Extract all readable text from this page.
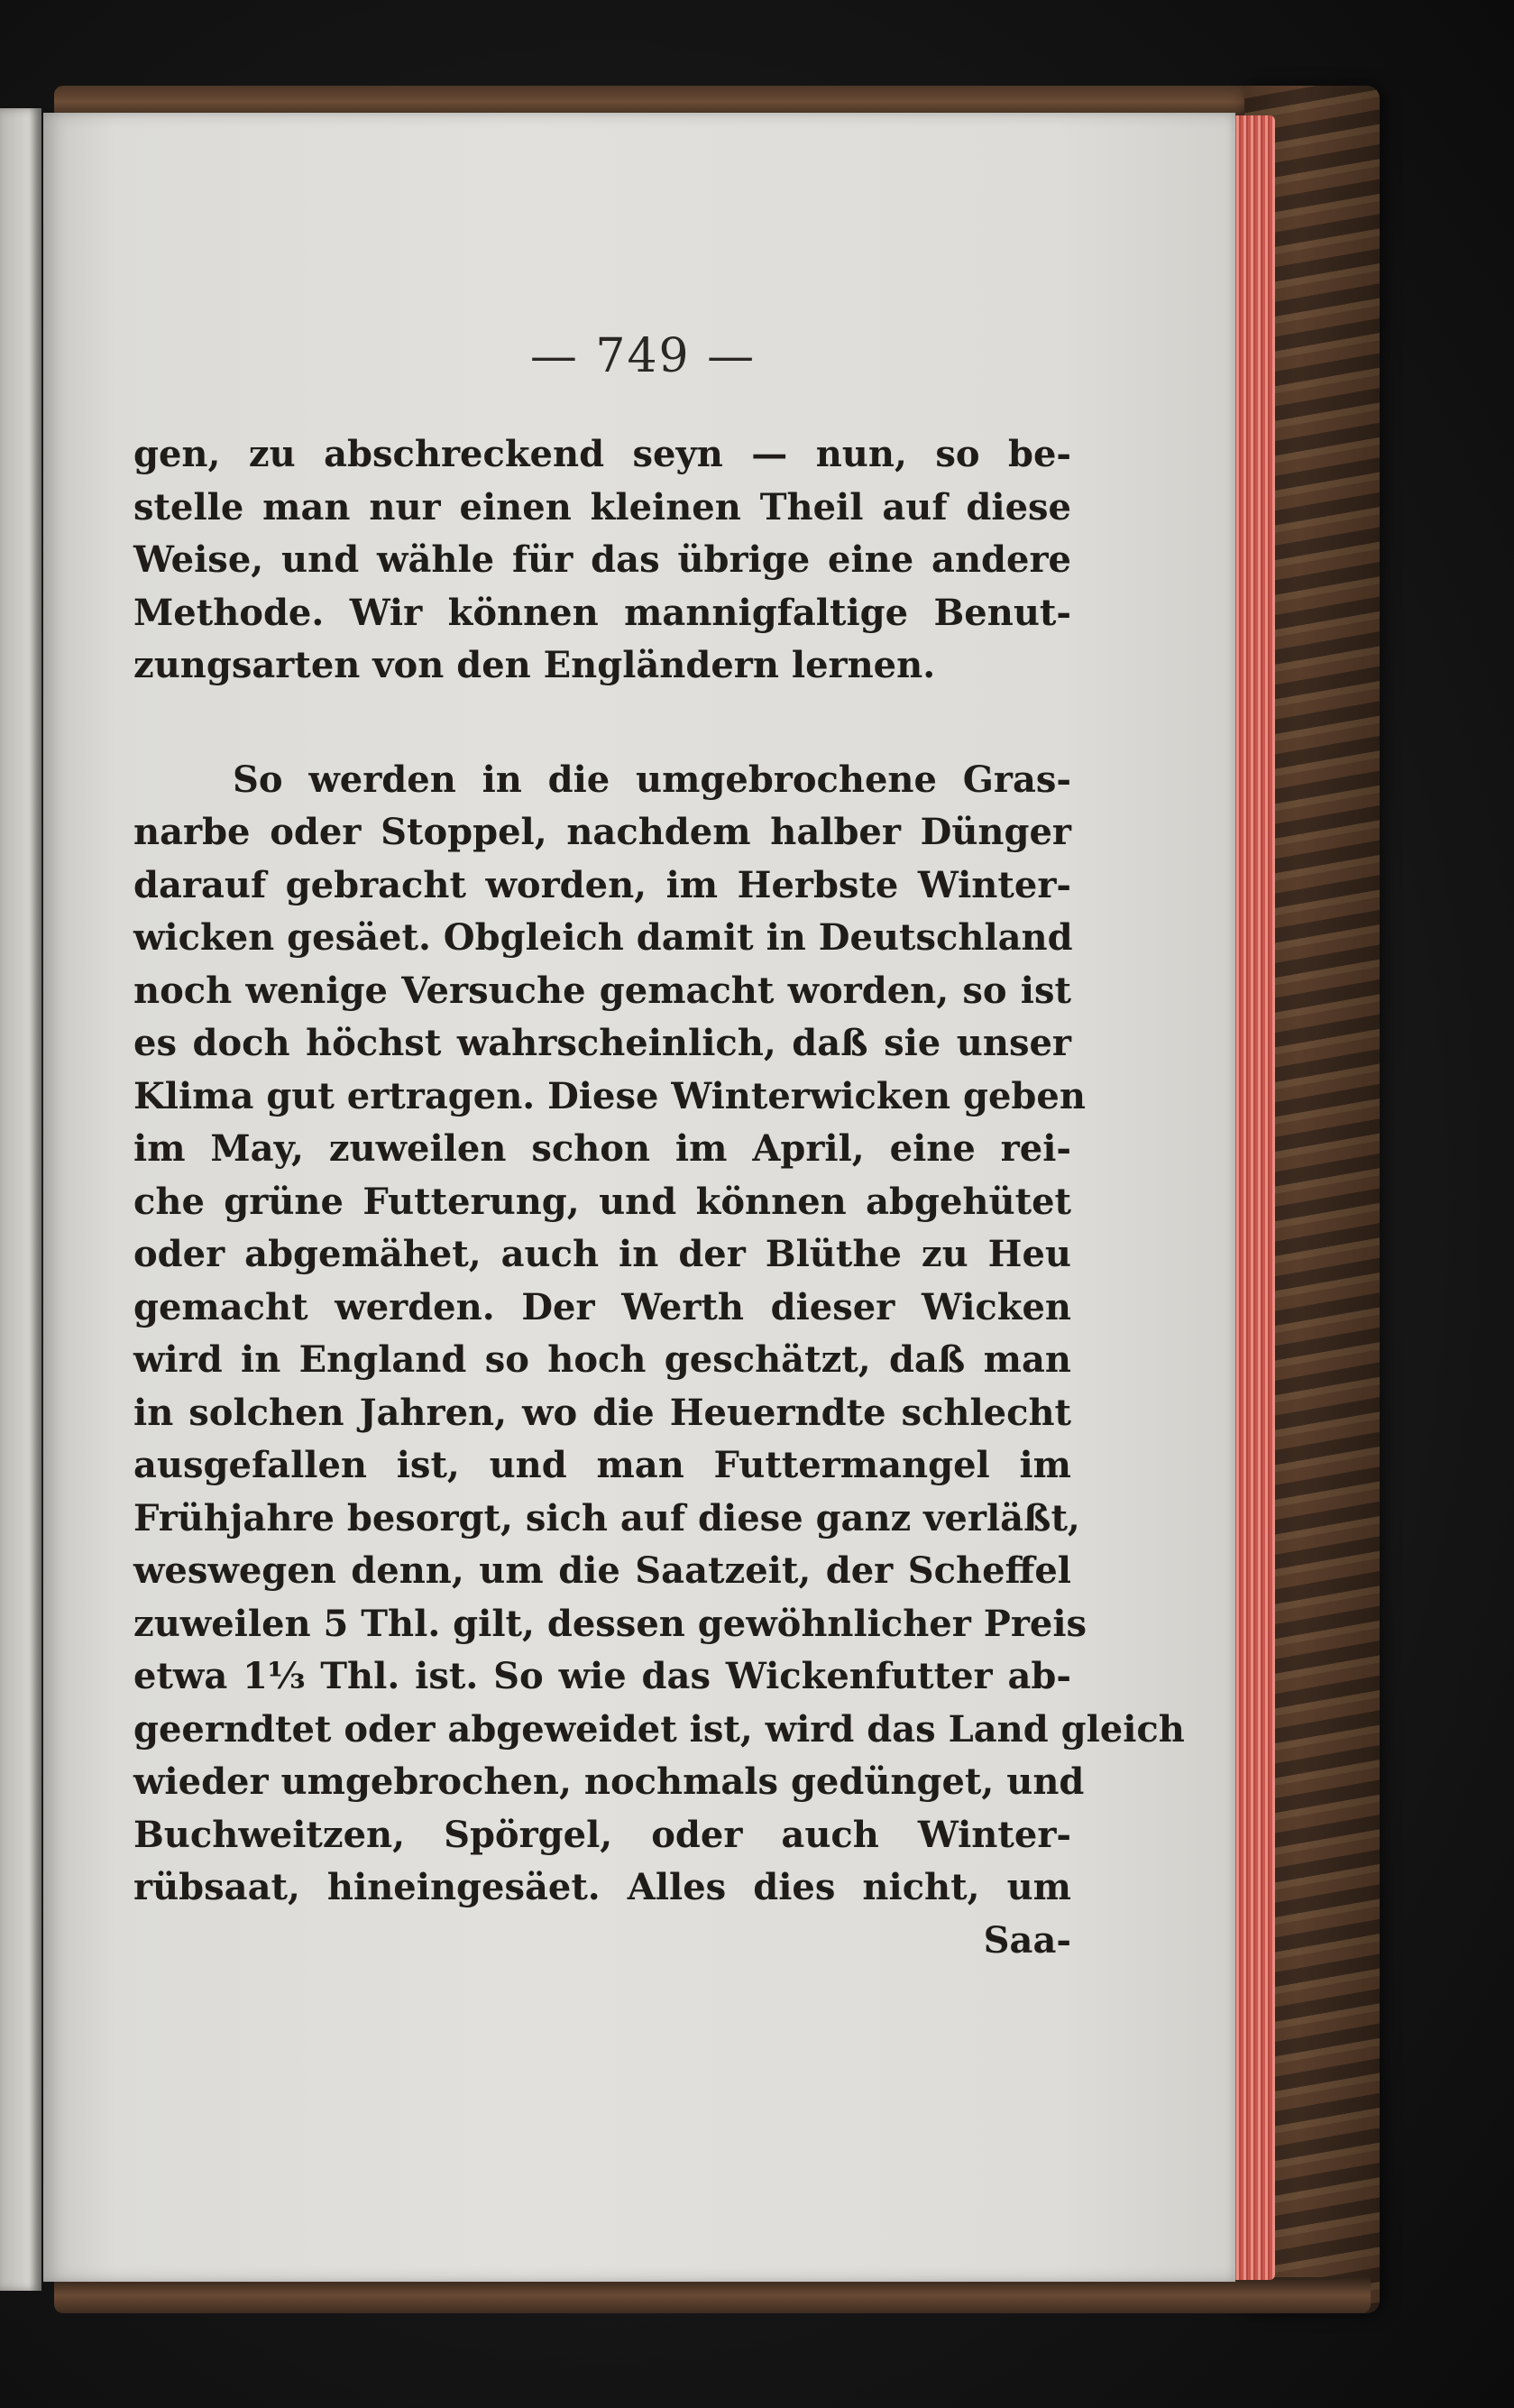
— 749 —
gen, zu abschreckend seyn — nun, so be-
stelle man nur einen kleinen Theil auf diese
Weise, und wähle für das übrige eine andere
Methode. Wir können mannigfaltige Benut-
zungsarten von den Engländern lernen.
So werden in die umgebrochene Gras-
narbe oder Stoppel, nachdem halber Dünger
darauf gebracht worden, im Herbste Winter-
wicken gesäet. Obgleich damit in Deutschland
noch wenige Versuche gemacht worden, so ist
es doch höchst wahrscheinlich, daß sie unser
Klima gut ertragen. Diese Winterwicken geben
im May, zuweilen schon im April, eine rei-
che grüne Futterung, und können abgehütet
oder abgemähet, auch in der Blüthe zu Heu
gemacht werden. Der Werth dieser Wicken
wird in England so hoch geschätzt, daß man
in solchen Jahren, wo die Heuerndte schlecht
ausgefallen ist, und man Futtermangel im
Frühjahre besorgt, sich auf diese ganz verläßt,
weswegen denn, um die Saatzeit, der Scheffel
zuweilen 5 Thl. gilt, dessen gewöhnlicher Preis
etwa 1⅓ Thl. ist. So wie das Wickenfutter ab-
geerndtet oder abgeweidet ist, wird das Land gleich
wieder umgebrochen, nochmals gedünget, und
Buchweitzen, Spörgel, oder auch Winter-
rübsaat, hineingesäet. Alles dies nicht, um
Saa-
